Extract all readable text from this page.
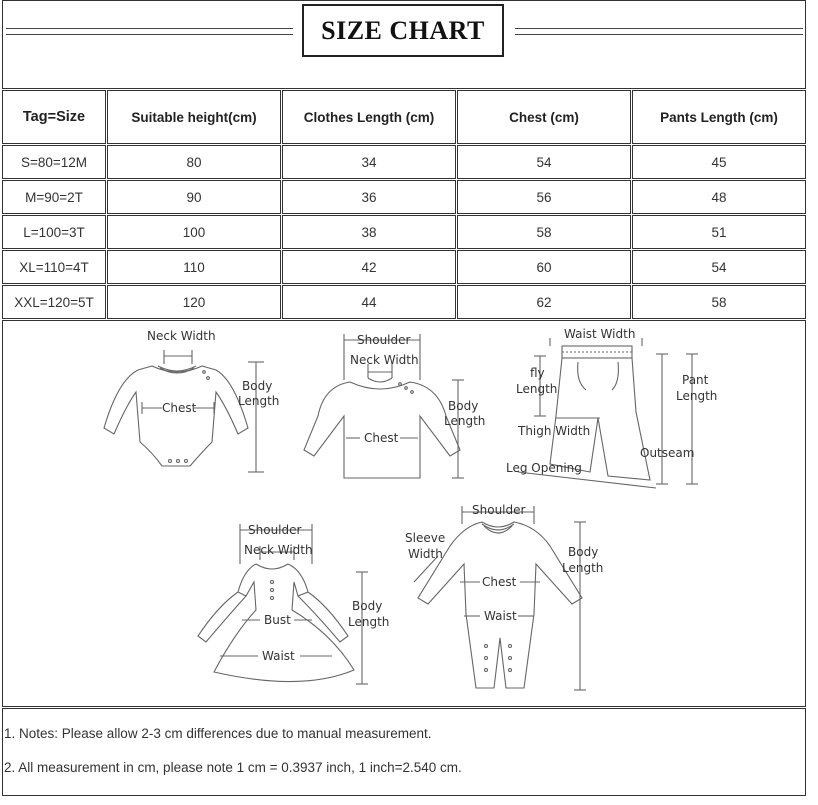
SIZE CHART
Tag=Size	Suitable height(cm)	Clothes Length (cm)	Chest (cm)	Pants Length (cm)
S=80=12M	80	34	54	45
M=90=2T	90	36	56	48
L=100=3T	100	38	58	51
XL=110=4T	110	42	60	54
XXL=120=5T	120	44	62	58
Neck Width
Body
Length
Chest
Shoulder
Neck Width
Body
Length
Chest
Waist Width
fly
Length
Pant
Length
Thigh Width
Outseam
Leg Opening
Shoulder
Neck Width
Body
Length
Bust
Waist
Shoulder
Sleeve
Width	Body
Length
Chest
Waist
1. Notes: Please allow 2-3 cm differences due to manual measurement.
2. All measurement in cm, please note 1 cm = 0.3937 inch, 1 inch=2.540 cm.
